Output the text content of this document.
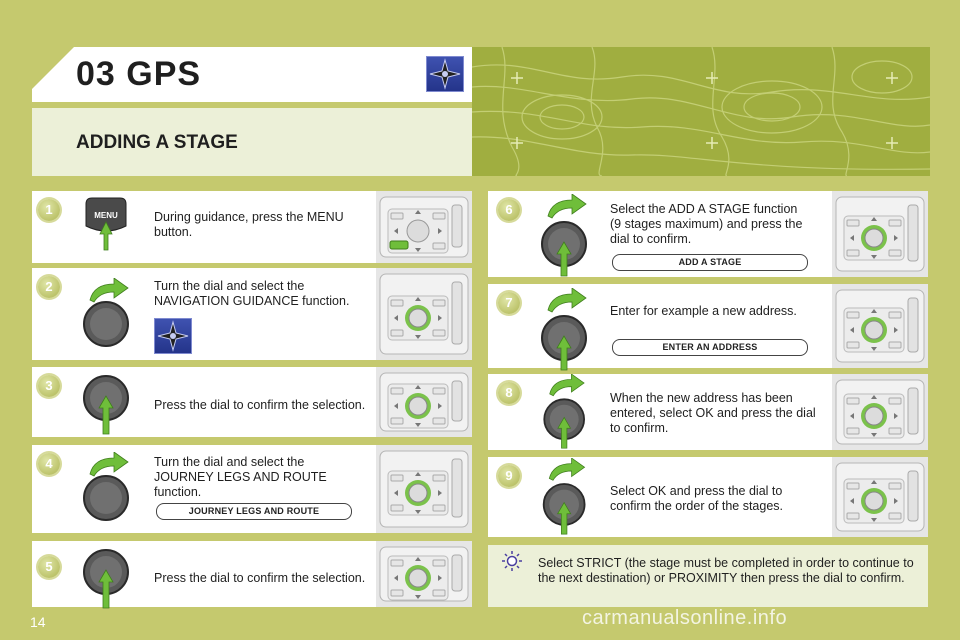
03 GPS
ADDING A STAGE
1	MENU	During guidance, press the MENU button.
2	Turn the dial and select the NAVIGATION GUIDANCE function.
3
Press the dial to confirm the selection.
4	Turn the dial and select the JOURNEY LEGS AND ROUTE function.
JOURNEY LEGS AND ROUTE
5
Press the dial to confirm the selection.
6	Select the ADD A STAGE function (9 stages maximum) and press the dial to confirm.
ADD A STAGE
7
Enter for example a new address.
ENTER AN ADDRESS
8	When the new address has been entered, select OK and press the dial to confirm.
9
Select OK and press the dial to confirm the order of the stages.
Select STRICT (the stage must be completed in order to continue to the next destination) or PROXIMITY then press the dial to confirm.
14	carmanualsonline.info
